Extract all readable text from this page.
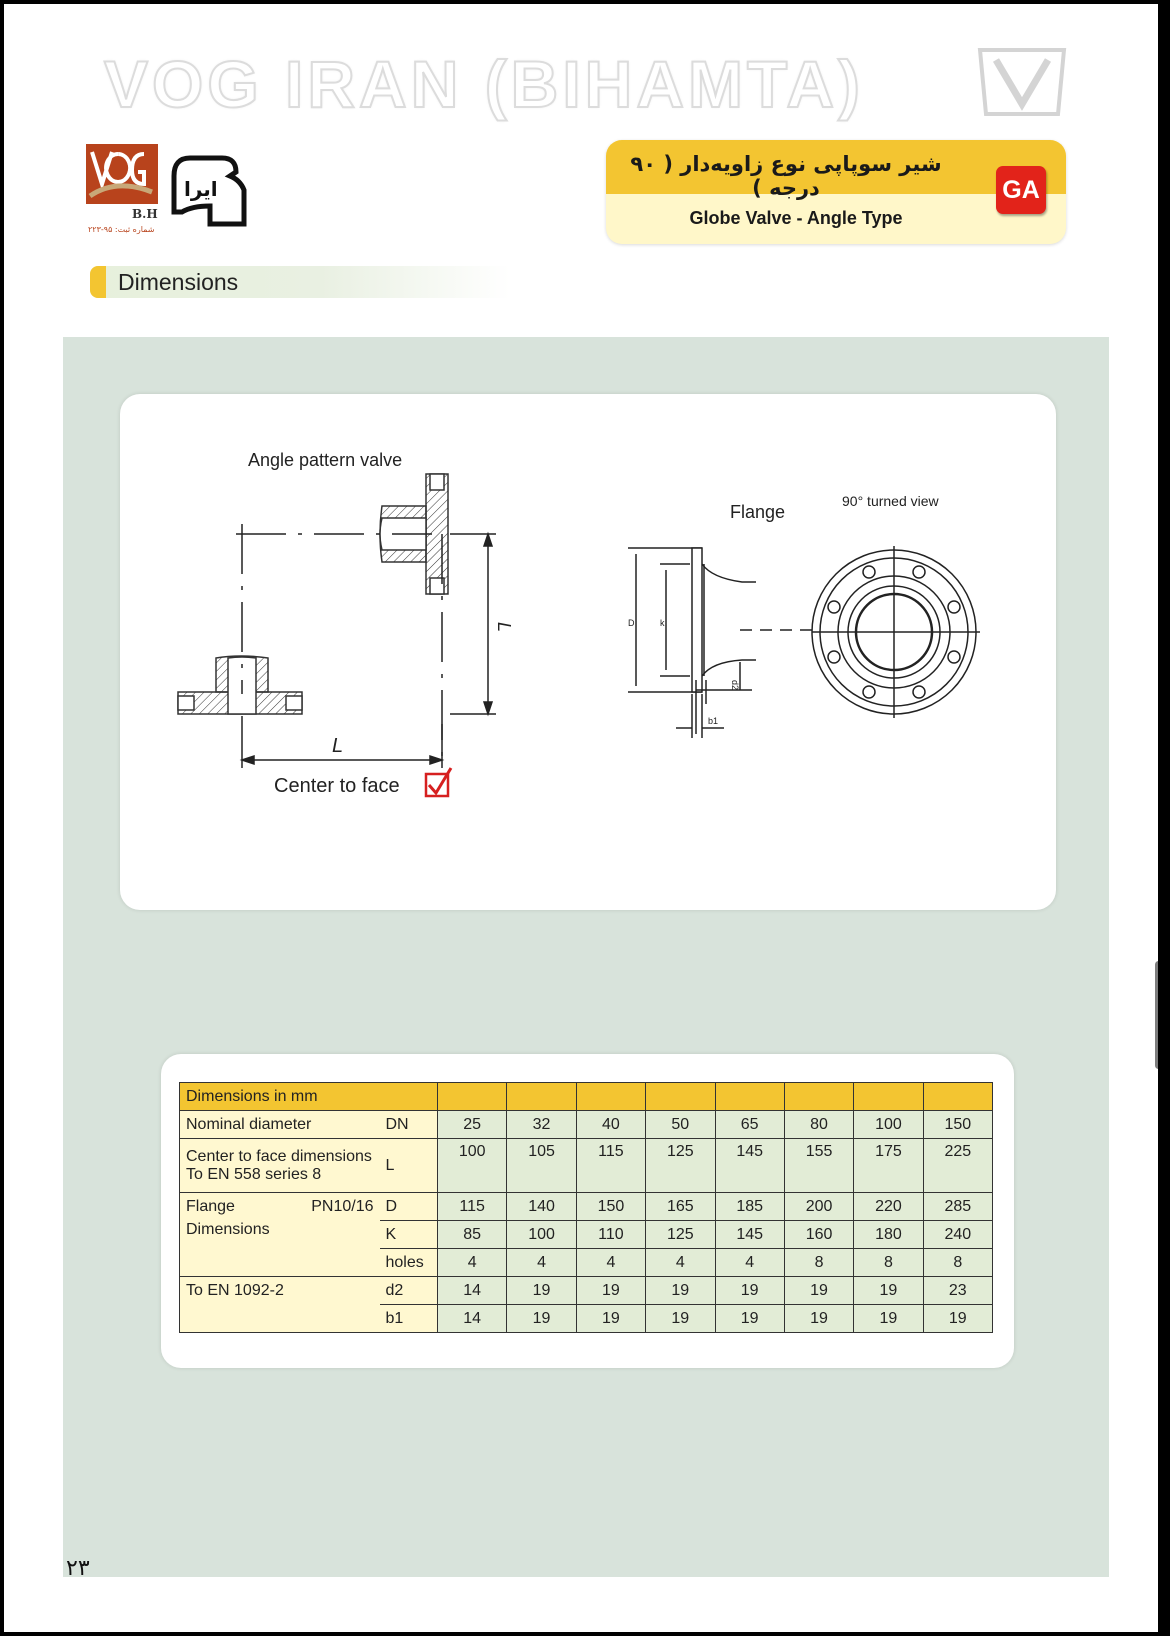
VOG IRAN (BIHAMTA)
B.H
شماره ثبت: ۹۵-۲۲۳
ایرا
شیر سوپاپی نوع زاویه‌دار ( ۹۰ درجه )
Globe Valve - Angle Type
GA
Dimensions
Angle pattern valve
L
L
Center to face
Flange
D	k
d2
b1
90° turned view
Dimensions in mm									
Nominal diameter	DN	25	32	40	50	65	80	100	150

Center to face dimensions
To EN 558 series 8	L	100	105	115	125	145	155	175	225
Flange PN10/16	D	115	140	150	165	185	200	220	285
Dimensions	K	85	100	110	125	145	160	180	240
	holes	4	4	4	4	4	8	8	8
To EN 1092-2	d2	14	19	19	19	19	19	19	23
	b1	14	19	19	19	19	19	19	19
۲۳
